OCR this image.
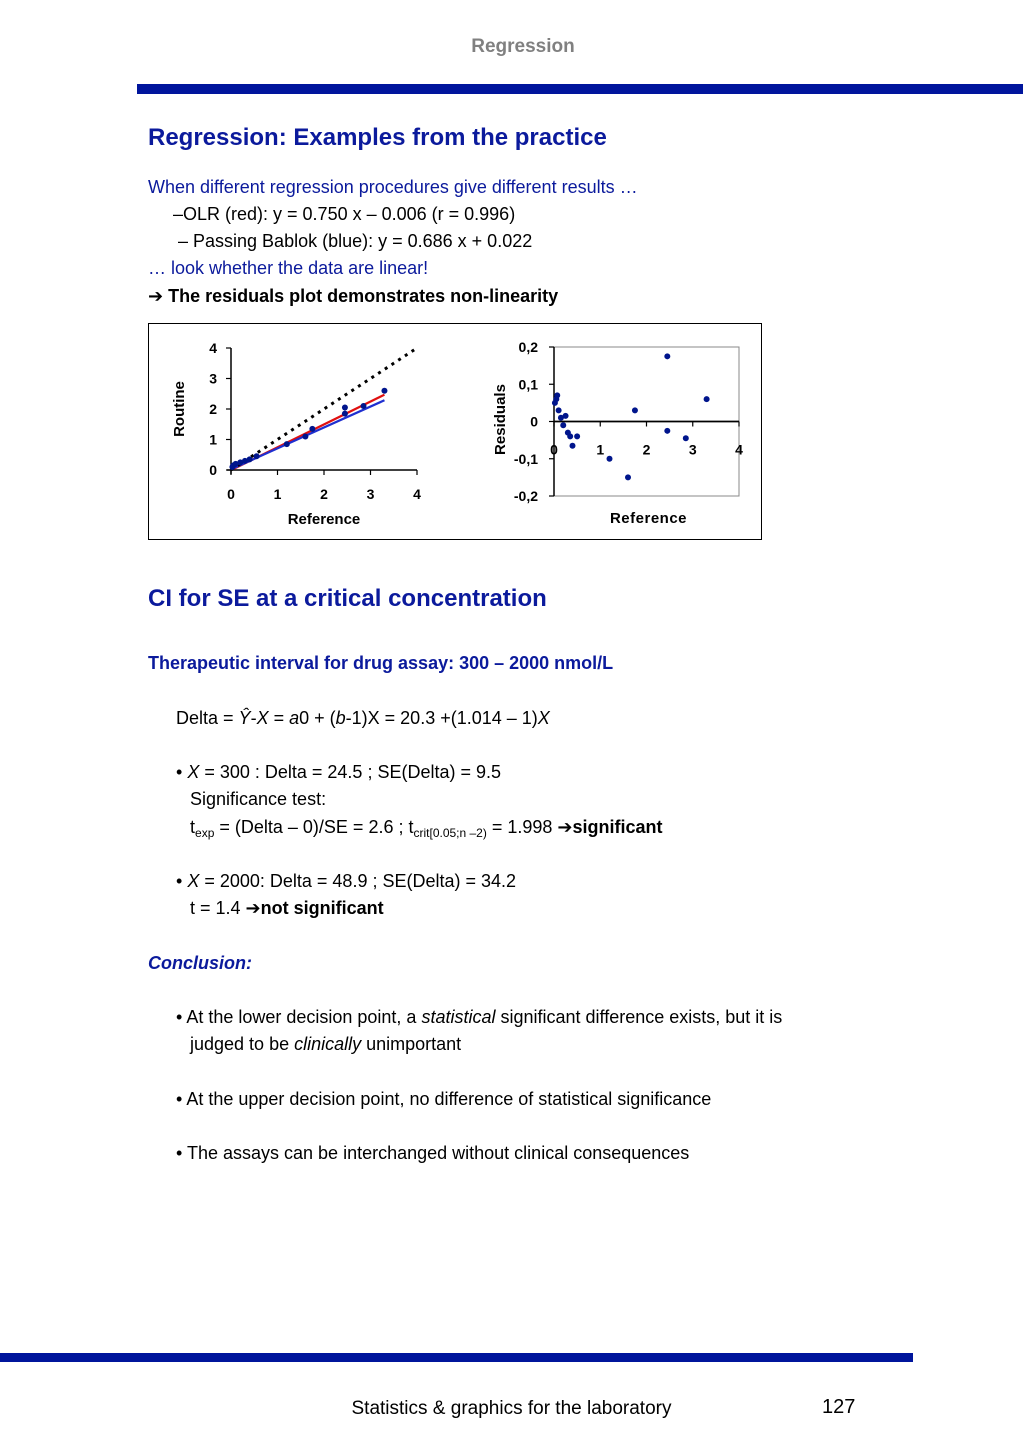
Regression
Regression: Examples from the practice
When different regression procedures give different results …
–OLR (red): y = 0.750 x – 0.006 (r = 0.996)
– Passing Bablok (blue): y = 0.686 x + 0.022
… look whether the data are linear!
➔ The residuals plot demonstrates non-linearity
0
1
2
3
4
0	1	2	3	4
Reference
Routine
0,2
0,1
0
-0,1
-0,2
0	1	2	3	4
Reference
Residuals
CI for SE at a critical concentration
Therapeutic interval for drug assay: 300 – 2000 nmol/L
Delta = Ŷ-X = a0 + (b-1)X = 20.3 +(1.014 – 1)X
• X = 300 : Delta = 24.5 ; SE(Delta) = 9.5
Significance test:
$t_{exp}$ = (Delta – 0)/SE = 2.6 ; $t_{crit[0.05;n -2)} = 1.998$ ➔significant
• X = 2000: Delta = 48.9 ; SE(Delta) = 34.2
t = 1.4 ➔not significant
Conclusion:
• At the lower decision point, a statistical significant difference exists, but it is
judged to be clinically unimportant
• At the upper decision point, no difference of statistical significance
• The assays can be interchanged without clinical consequences
Statistics & graphics for the laboratory	127
